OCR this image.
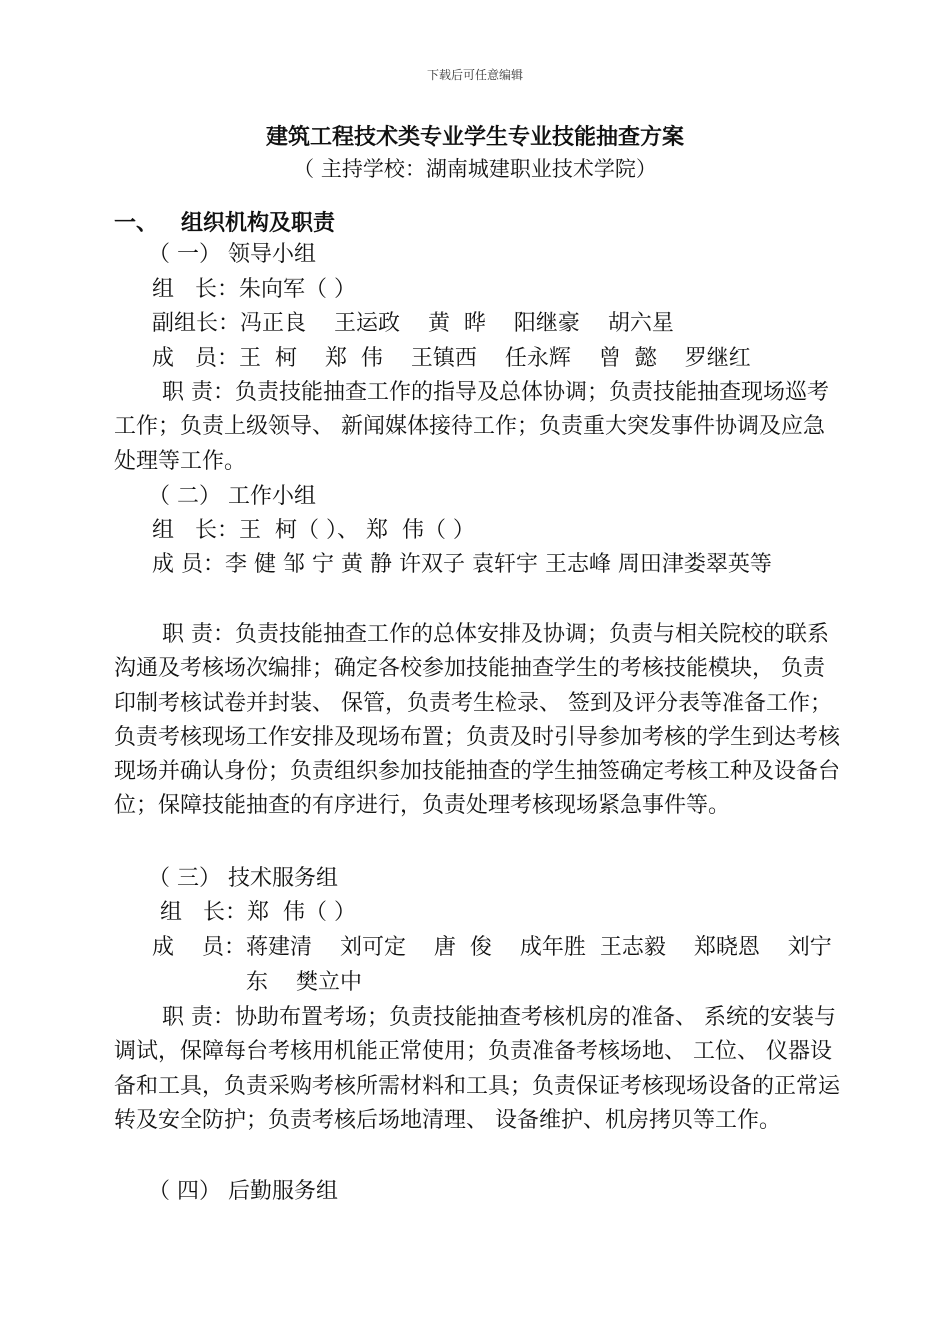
下载后可任意编辑
建筑工程技术类专业学生专业技能抽查方案

（ 主持学校：湖南城建职业技术学院）

一、   组织机构及职责

（ 一） 领导小组

组   长：朱向军（ ）

副组长：冯正良    王运政    黄  晔    阳继豪    胡六星

成   员：王  柯    郑  伟    王镇西    任永辉    曾  懿    罗继红

职 责：负责技能抽查工作的指导及总体协调；负责技能抽查现场巡考工作；负责上级领导、 新闻媒体接待工作；负责重大突发事件协调及应急处理等工作。

（ 二） 工作小组

组   长：王  柯（ ）、 郑  伟（ ）

成 员：李 健 邹 宁 黄 静 许双子 袁轩宇 王志峰 周田津娄翠英等

职 责：负责技能抽查工作的总体安排及协调；负责与相关院校的联系沟通及考核场次编排；确定各校参加技能抽查学生的考核技能模块， 负责印制考核试卷并封装、 保管，负责考生检录、 签到及评分表等准备工作；负责考核现场工作安排及现场布置；负责及时引导参加考核的学生到达考核现场并确认身份；负责组织参加技能抽查的学生抽签确定考核工种及设备台位；保障技能抽查的有序进行，负责处理考核现场紧急事件等。

（ 三） 技术服务组

组   长：郑  伟（ ）

成    员：蒋建清    刘可定    唐  俊    成年胜  王志毅    郑晓恩    刘宁

东    樊立中

职 责：协助布置考场；负责技能抽查考核机房的准备、 系统的安装与调试，保障每台考核用机能正常使用；负责准备考核场地、 工位、 仪器设备和工具，负责采购考核所需材料和工具；负责保证考核现场设备的正常运转及安全防护；负责考核后场地清理、 设备维护、机房拷贝等工作。

（ 四） 后勤服务组
